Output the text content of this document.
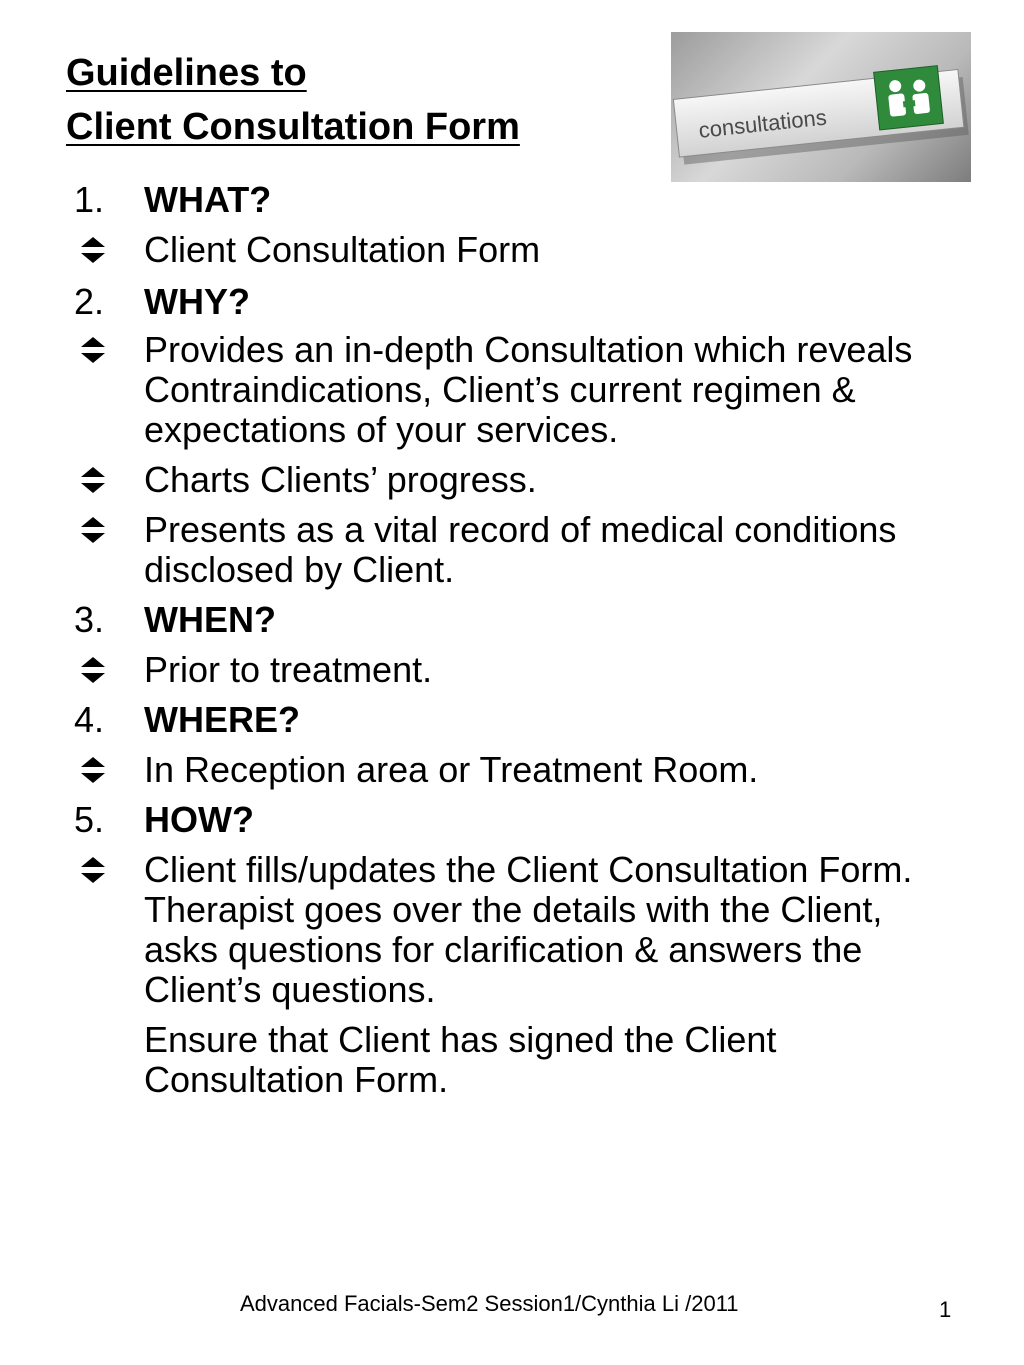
Guidelines to
Client Consultation Form	consultations
1. WHAT?
Client Consultation Form
2. WHY?
Provides an in-depth Consultation which reveals Contraindications, Client’s current regimen & expectations of your services.
Charts Clients’ progress.
Presents as a vital record of medical conditions disclosed by Client.
3. WHEN?
Prior to treatment.
4. WHERE?
In Reception area or Treatment Room.
5. HOW?
Client fills/updates the Client Consultation Form. Therapist goes over the details with the Client, asks questions for clarification & answers the Client’s questions.
Ensure that Client has signed the Client Consultation Form.
Advanced Facials-Sem2 Session1/Cynthia Li /2011	1
